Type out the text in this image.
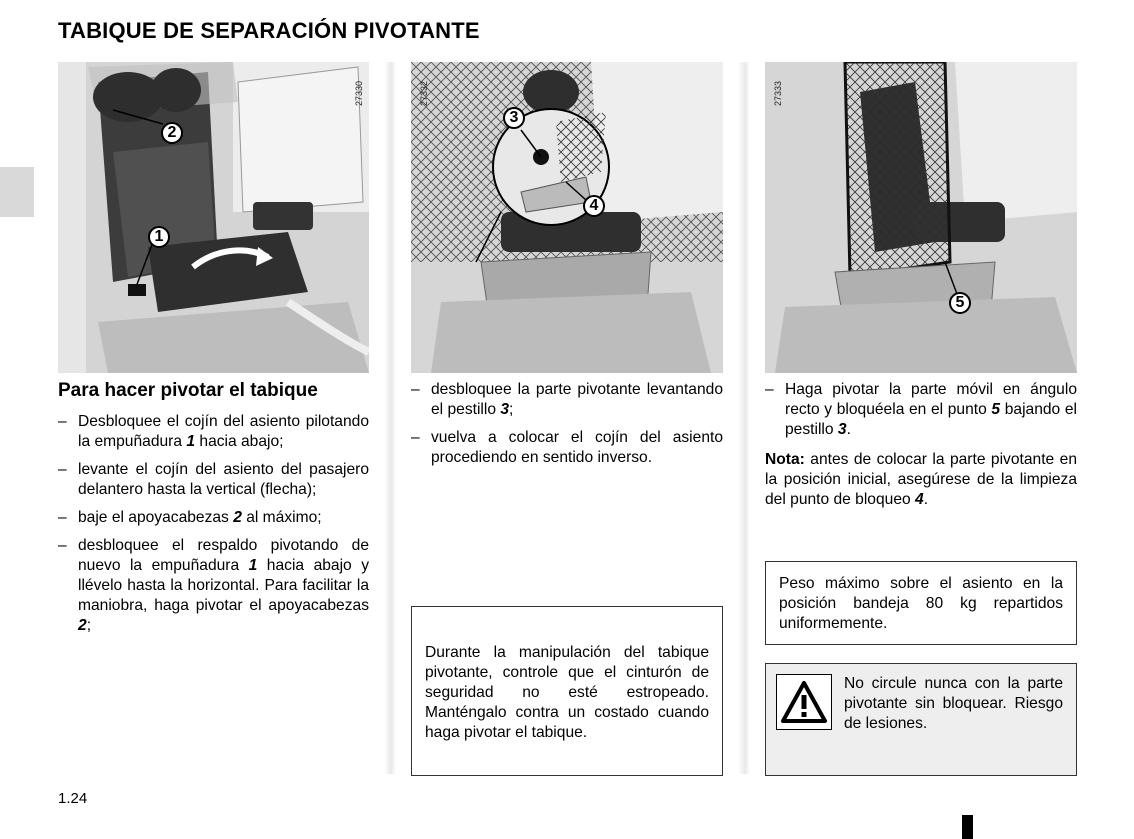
TABIQUE DE SEPARACIÓN PIVOTANTE
27330
2
1
27332
3
4
27333
5
Para hacer pivotar el tabique
– Desbloquee el cojín del asiento pilotando la empuñadura 1 hacia abajo;
– levante el cojín del asiento del pasajero delantero hasta la vertical (flecha);
– baje el apoyacabezas 2 al máximo;
– desbloquee el respaldo pivotando de nuevo la empuñadura 1 hacia abajo y llévelo hasta la horizontal. Para facilitar la maniobra, haga pivotar el apoyacabezas 2;
– desbloquee la parte pivotante levantando el pestillo 3;
– vuelva a colocar el cojín del asiento procediendo en sentido inverso.
Durante la manipulación del tabique pivotante, controle que el cinturón de seguridad no esté estropeado. Manténgalo contra un costado cuando haga pivotar el tabique.
– Haga pivotar la parte móvil en ángulo recto y bloquéela en el punto 5 bajando el pestillo 3.
Nota: antes de colocar la parte pivotante en la posición inicial, asegúrese de la limpieza del punto de bloqueo 4.
Peso máximo sobre el asiento en la posición bandeja 80 kg repartidos uniformemente.
No circule nunca con la parte pivotante sin bloquear. Riesgo de lesiones.
1.24
